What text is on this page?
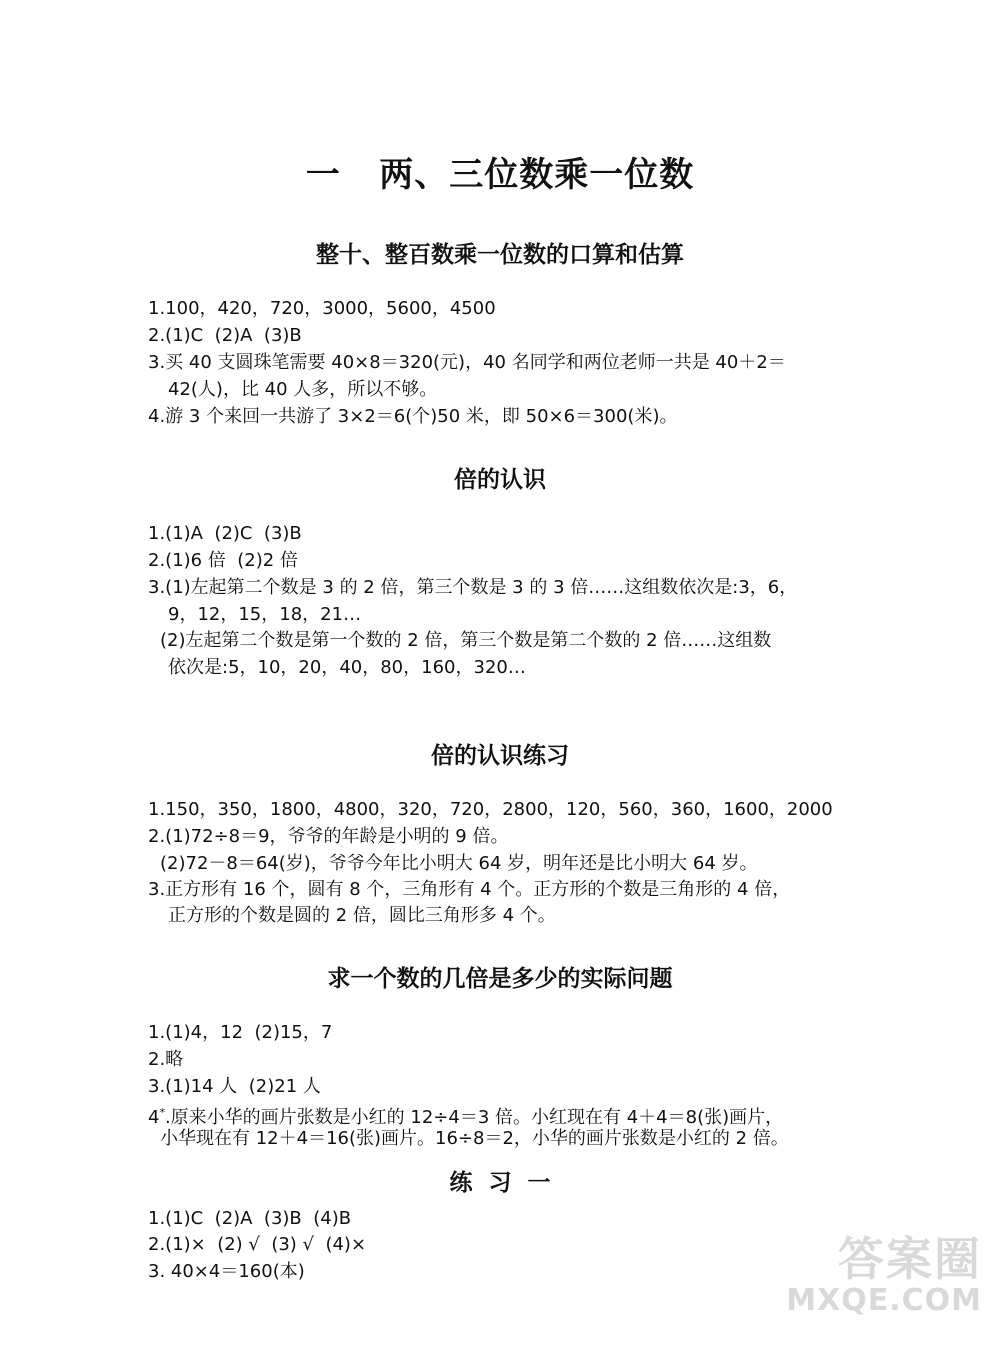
一   两、三位数乘一位数
整十、整百数乘一位数的口算和估算
1.100，420，720，3000，5600，4500
2.(1)C  (2)A  (3)B
3.买 40 支圆珠笔需要 40×8＝320(元)，40 名同学和两位老师一共是 40＋2＝
42(人)，比 40 人多，所以不够。
4.游 3 个来回一共游了 3×2＝6(个)50 米，即 50×6＝300(米)。
倍的认识
1.(1)A  (2)C  (3)B
2.(1)6 倍  (2)2 倍
3.(1)左起第二个数是 3 的 2 倍，第三个数是 3 的 3 倍……这组数依次是:3，6，
9，12，15，18，21…
(2)左起第二个数是第一个数的 2 倍，第三个数是第二个数的 2 倍……这组数
依次是:5，10，20，40，80，160，320…
倍的认识练习
1.150，350，1800，4800，320，720，2800，120，560，360，1600，2000
2.(1)72÷8＝9，爷爷的年龄是小明的 9 倍。
(2)72－8＝64(岁)，爷爷今年比小明大 64 岁，明年还是比小明大 64 岁。
3.正方形有 16 个，圆有 8 个，三角形有 4 个。正方形的个数是三角形的 4 倍，
正方形的个数是圆的 2 倍，圆比三角形多 4 个。
求一个数的几倍是多少的实际问题
1.(1)4，12  (2)15，7
2.略
3.(1)14 人  (2)21 人
4*.原来小华的画片张数是小红的 12÷4＝3 倍。小红现在有 4＋4＝8(张)画片，
小华现在有 12＋4＝16(张)画片。16÷8＝2，小华的画片张数是小红的 2 倍。
练  习  一
1.(1)C  (2)A  (3)B  (4)B
2.(1)×  (2) √  (3) √  (4)×
3. 40×4＝160(本)	答案圈
MXQE.COM
